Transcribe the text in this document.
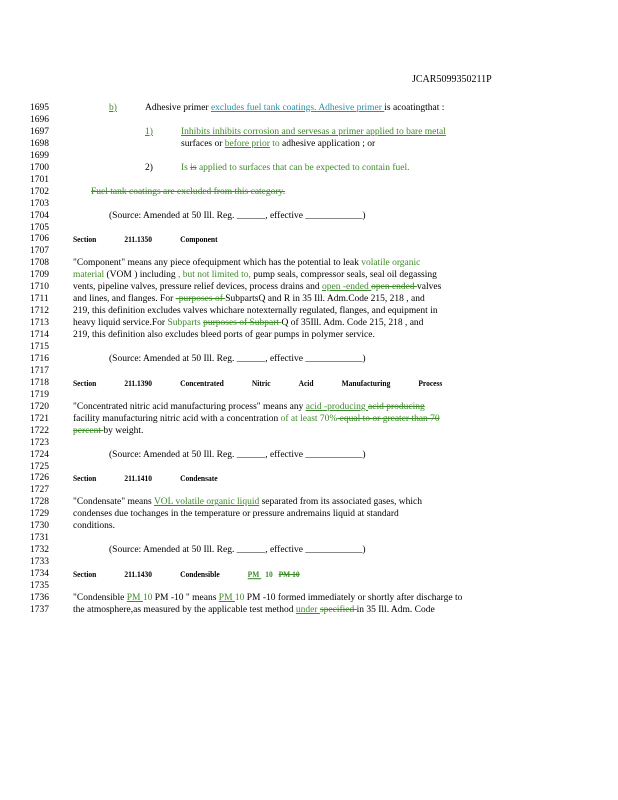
JCAR5099350211P
1695	b)	Adhesive primer excludes fuel tank coatings. Adhesive primer is acoatingthat :
1696
1697	1)	Inhibits inhibits corrosion and servesas a primer applied to bare metal
1698	surfaces or before prior to adhesive application ; or
1699
1700	2)	Is is applied to surfaces that can be expected to contain fuel.
1701
1702	Fuel tank coatings are excluded from this category.
1703
1704	(Source: Amended at 50 Ill. Reg. ______, effective ____________)
1705
1706	Section	211.1350	Component
1707
1708	"Component" means any piece ofequipment which has the potential to leak volatile organic
1709	material (VOM ) including , but not limited to, pump seals, compressor seals, seal oil degassing
1710	vents, pipeline valves, pressure relief devices, process drains and open -ended open ended valves
1711	and lines, and flanges. For -purposes of SubpartsQ and R in 35 Ill. Adm.Code 215, 218 , and
1712	219, this definition excludes valves whichare notexternally regulated, flanges, and equipment in
1713	heavy liquid service.For Subparts purposes of Subpart Q of 35Ill. Adm. Code 215, 218 , and
1714	219, this definition also excludes bleed ports of gear pumps in polymer service.
1715
1716	(Source: Amended at 50 Ill. Reg. ______, effective ____________)
1717
1718	Section	211.1390	Concentrated	Nitric	Acid	Manufacturing	Process
1719
1720	"Concentrated nitric acid manufacturing process" means any acid -producing acid producing
1721	facility manufacturing nitric acid with a concentration of at least 70% equal to or greater than 70
1722	percent by weight.
1723
1724	(Source: Amended at 50 Ill. Reg. ______, effective ____________)
1725
1726	Section	211.1410	Condensate
1727
1728	"Condensate" means VOL volatile organic liquid separated from its associated gases, which
1729	condenses due tochanges in the temperature or pressure andremains liquid at standard
1730	conditions.
1731
1732	(Source: Amended at 50 Ill. Reg. ______, effective ____________)
1733
1734	Section	211.1430	Condensible	PM 10 PM 10
1735
1736	"Condensible PM 10 PM -10 " means PM 10 PM -10 formed immediately or shortly after discharge to
1737	the atmosphere,as measured by the applicable test method under specified in 35 Ill. Adm. Code
